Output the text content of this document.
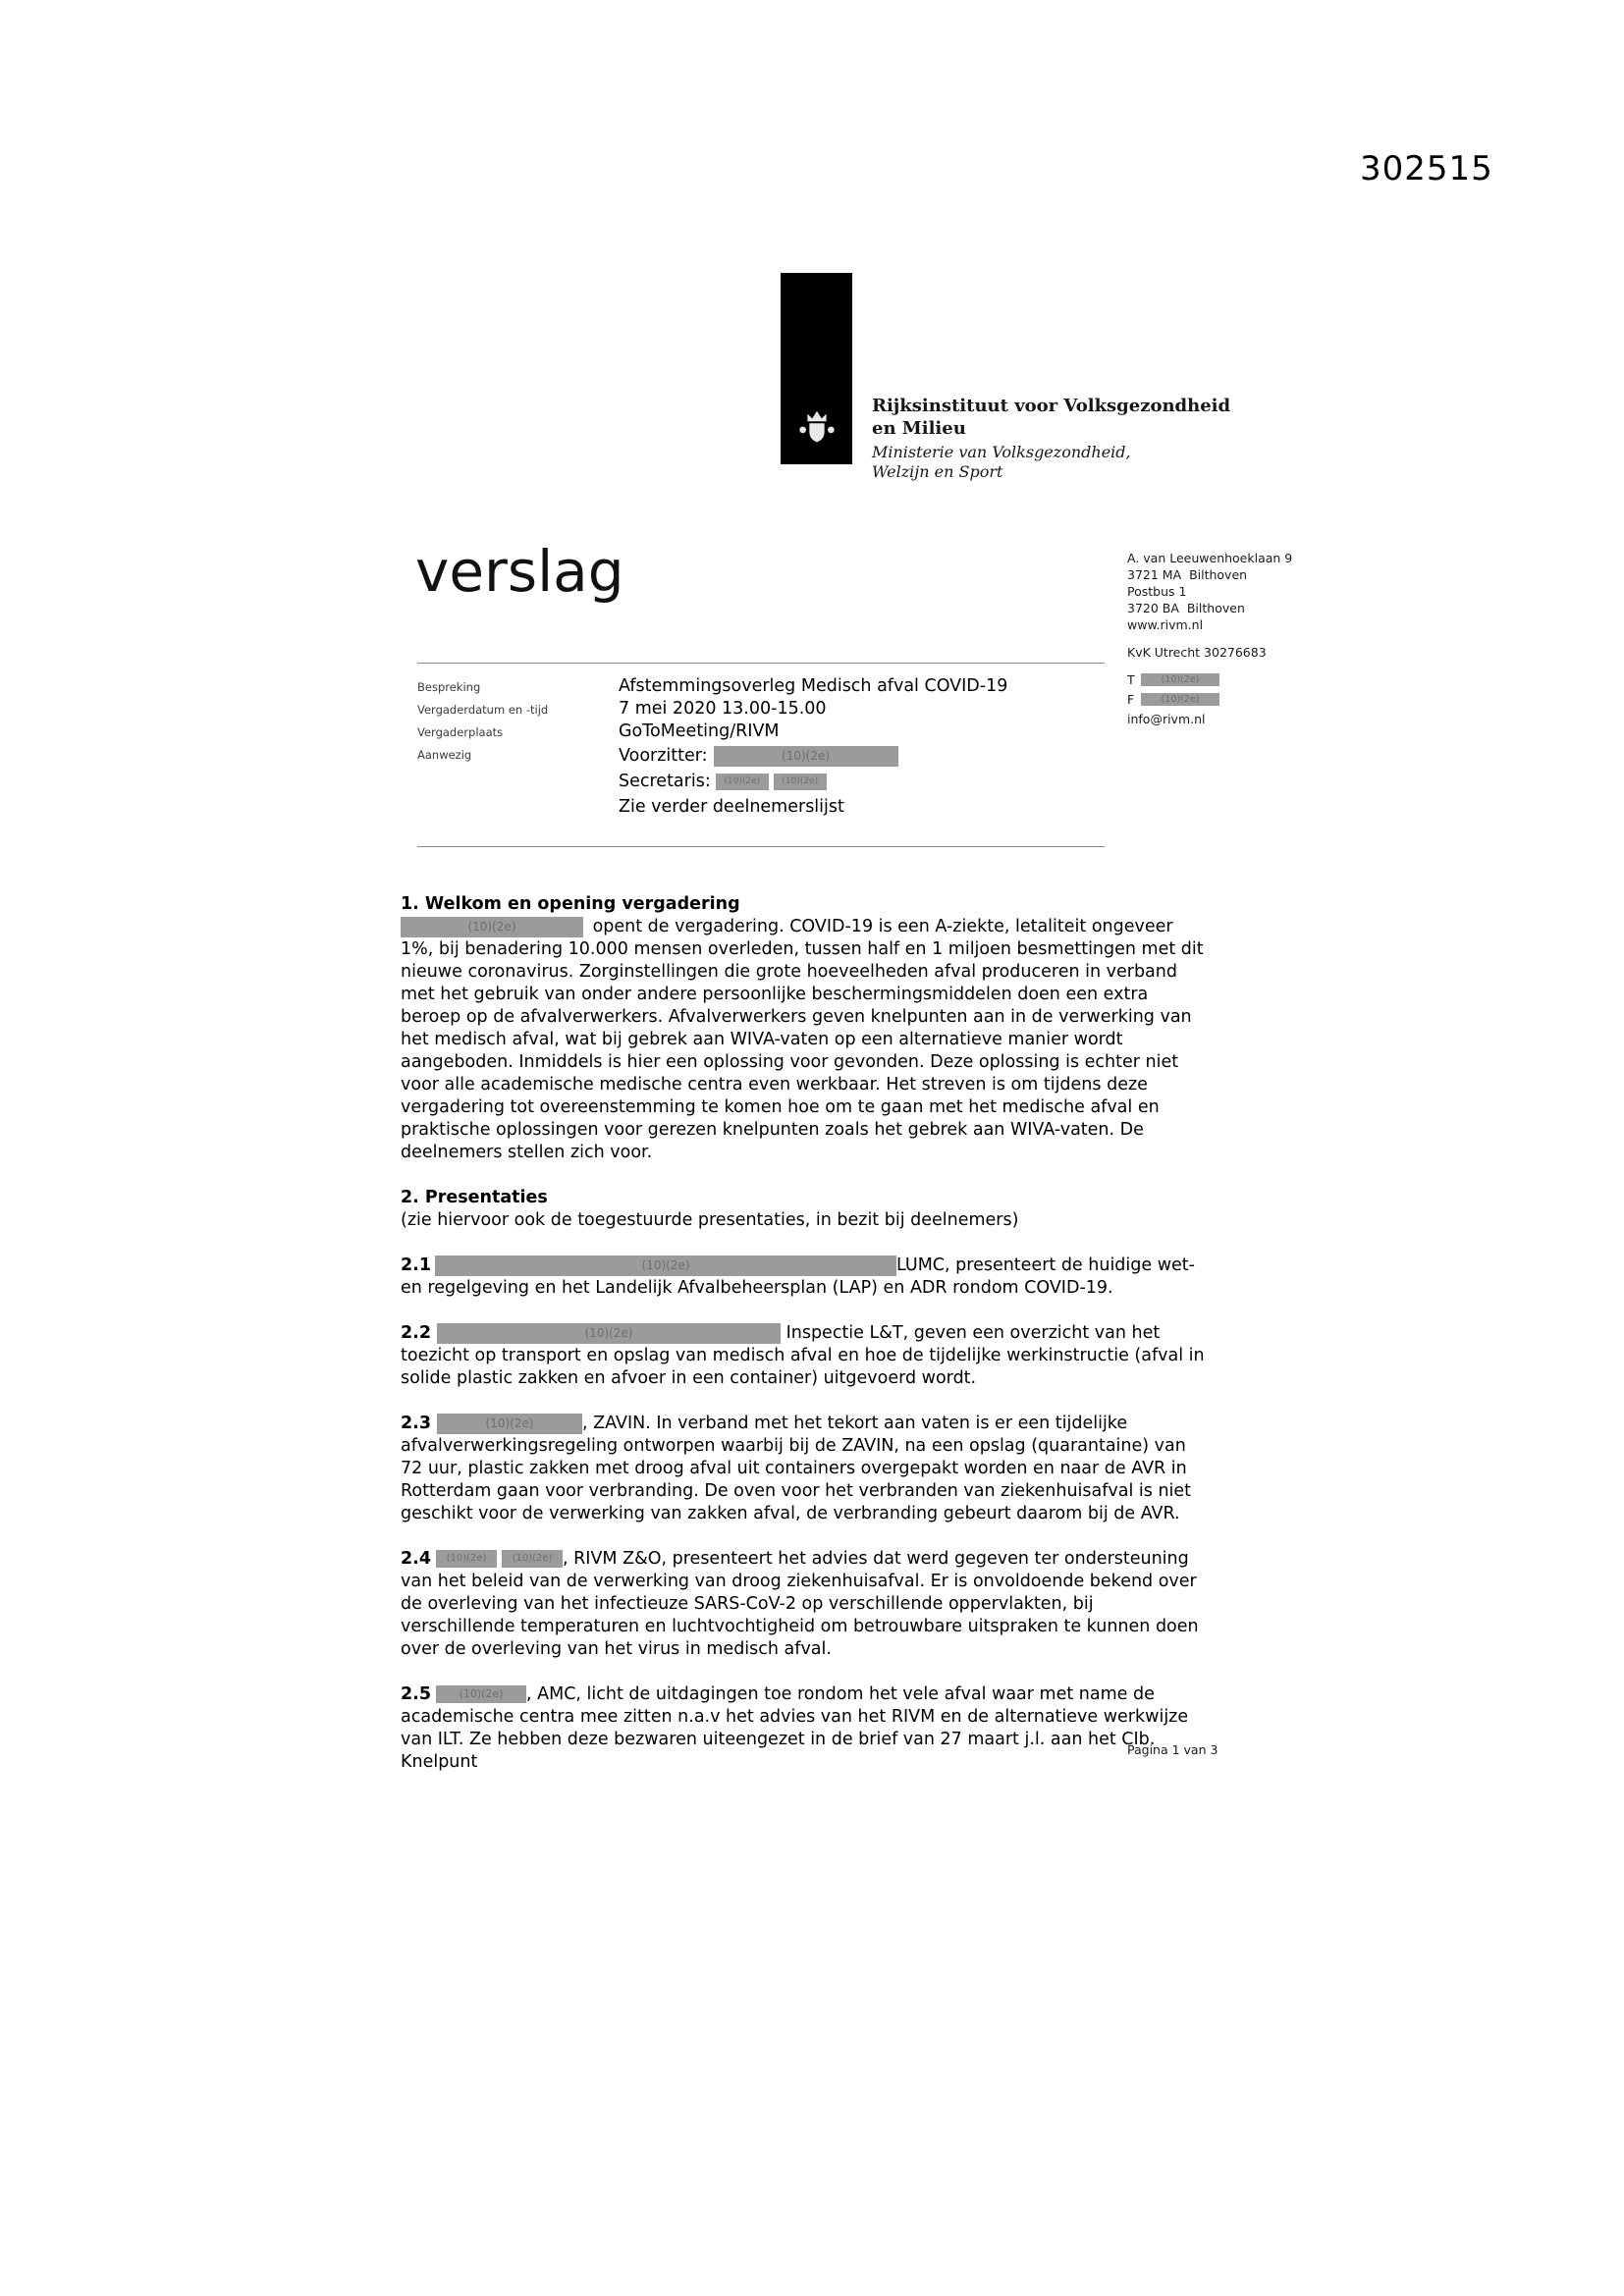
302515
Rijksinstituut voor Volksgezondheid
en Milieu
Ministerie van Volksgezondheid,
Welzijn en Sport
verslag	A. van Leeuwenhoeklaan 9
3721 MA  Bilthoven
Postbus 1
3720 BA  Bilthoven
www.rivm.nl
KvK Utrecht 30276683
T	(10)(2e)
F	(10)(2e)
info@rivm.nl
Bespreking	Afstemmingsoverleg Medisch afval COVID-19
Vergaderdatum en -tijd	7 mei 2020 13.00-15.00
Vergaderplaats	GoToMeeting/RIVM
Aanwezig	Voorzitter:	(10)(2e)
Secretaris: (10)(2e) (10)(2e)
Zie verder deelnemerslijst
1. Welkom en opening vergadering

(10)(2e)	opent de vergadering. COVID-19 is een A-ziekte, letaliteit ongeveer 1%, bij benadering 10.000 mensen overleden, tussen half en 1 miljoen besmettingen met dit nieuwe coronavirus. Zorginstellingen die grote hoeveelheden afval produceren in verband met het gebruik van onder andere persoonlijke beschermingsmiddelen doen een extra beroep op de afvalverwerkers. Afvalverwerkers geven knelpunten aan in de verwerking van het medisch afval, wat bij gebrek aan WIVA-vaten op een alternatieve manier wordt aangeboden. Inmiddels is hier een oplossing voor gevonden. Deze oplossing is echter niet voor alle academische medische centra even werkbaar. Het streven is om tijdens deze vergadering tot overeenstemming te komen hoe om te gaan met het medische afval en praktische oplossingen voor gerezen knelpunten zoals het gebrek aan WIVA-vaten. De deelnemers stellen zich voor.

2. Presentaties

(zie hiervoor ook de toegestuurde presentaties, in bezit bij deelnemers)

2.1	(10)(2e)	LUMC, presenteert de huidige wet- en regelgeving en het Landelijk Afvalbeheersplan (LAP) en ADR rondom COVID-19.

2.2	(10)(2e)	Inspectie L&T, geven een overzicht van het toezicht op transport en opslag van medisch afval en hoe de tijdelijke werkinstructie (afval in solide plastic zakken en afvoer in een container) uitgevoerd wordt.

2.3	(10)(2e)	, ZAVIN. In verband met het tekort aan vaten is er een tijdelijke afvalverwerkingsregeling ontworpen waarbij bij de ZAVIN, na een opslag (quarantaine) van 72 uur, plastic zakken met droog afval uit containers overgepakt worden en naar de AVR in Rotterdam gaan voor verbranding. De oven voor het verbranden van ziekenhuisafval is niet geschikt voor de verwerking van zakken afval, de verbranding gebeurt daarom bij de AVR.

2.4 (10)(2e)	(10)(2e) , RIVM Z&O, presenteert het advies dat werd gegeven ter ondersteuning van het beleid van de verwerking van droog ziekenhuisafval. Er is onvoldoende bekend over de overleving van het infectieuze SARS-CoV-2 op verschillende oppervlakten, bij verschillende temperaturen en luchtvochtigheid om betrouwbare uitspraken te kunnen doen over de overleving van het virus in medisch afval.

2.5	(10)(2e) , AMC, licht de uitdagingen toe rondom het vele afval waar met name de academische centra mee zitten n.a.v het advies van het RIVM en de alternatieve werkwijze van ILT. Ze hebben deze bezwaren uiteengezet in de brief van 27 maart j.l. aan het CIb. Knelpunt

Pagina 1 van 3
